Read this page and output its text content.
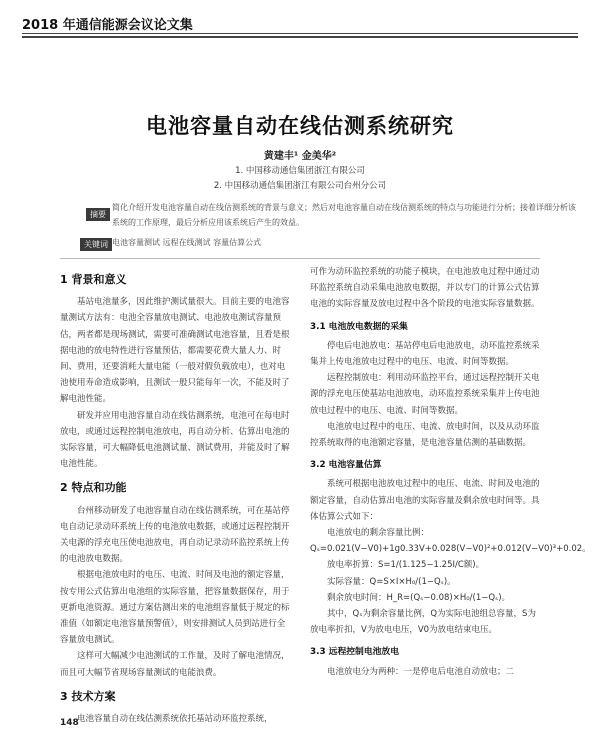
2018 年通信能源会议论文集
电池容量自动在线估测系统研究
黄建丰¹ 金美华²
1. 中国移动通信集团浙江有限公司
2. 中国移动通信集团浙江有限公司台州分公司
摘要
简化介绍开发电池容量自动在线估测系统的背景与意义；然后对电池容量自动在线估测系统的特点与功能进行分析；接着详细分析该系统的工作原理，最后分析应用该系统后产生的效益。
关键词 电池容量测试 远程在线测试 容量估算公式

1 背景和意义

基站电池量多，因此维护测试量很大。目前主要的电池容量测试方法有：电池全容量放电测试、电池放电测试容量预估，两者都是现场测试，需要可准确测试电池容量，且看是根据电池的放电特性进行容量预估，都需要花费大量人力、时间、费用，还要消耗大量电能（一般对假负载放电），也对电池使用寿命造成影响，且测试一般只能每年一次，不能及时了解电池性能。

研发并应用电池容量自动在线估测系统，电池可在每电时放电，或通过远程控制电池放电，再自动分析、估算出电池的实际容量，可大幅降低电池测试量、测试费用，并能及时了解电池性能。

2 特点和功能

台州移动研发了电池容量自动在线估测系统，可在基站停电自动记录动环系统上传的电池放电数据，或通过远程控制开关电源的浮充电压使电池放电，再自动记录动环监控系统上传的电池放电数据。

根据电池放电时的电压、电流、时间及电池的额定容量，按专用公式估算出电池组的实际容量，把容量数据保存，用于更新电池资源。通过方案估测出来的电池组容量低于规定的标准值（如额定电池容量预警值），则安排测试人员到站进行全容量放电测试。

这样可大幅减少电池测试的工作量，及时了解电池情况，而且可大幅节省现场容量测试的电能浪费。

3 技术方案

电池容量自动在线估测系统依托基站动环监控系统，

可作为动环监控系统的功能子模块，在电池放电过程中通过动环监控系统自动采集电池放电数据，并以专门的计算公式估算电池的实际容量及放电过程中各个阶段的电池实际容量数据。

3.1 电池放电数据的采集

停电后电池放电：基站停电后电池放电，动环监控系统采集并上传电池放电过程中的电压、电流、时间等数据。

远程控制放电：利用动环监控平台，通过远程控制开关电源的浮充电压使基站电池放电，动环监控系统采集并上传电池放电过程中的电压、电流、时间等数据。

电池放电过程中的电压、电流、放电时间，以及从动环监控系统取得的电池额定容量，是电池容量估测的基础数据。

3.2 电池容量估算

系统可根据电池放电过程中的电压、电流、时间及电池的额定容量，自动估算出电池的实际容量及剩余放电时间等。具体估算公式如下：

电池放电的剩余容量比例：Qₛ=0.021(V−V0)+1g0.33V+0.028(V−V0)²+0.012(V−V0)³+0.02。

放电率折算：S=1/(1.125−1.25I/C额)。

实际容量：Q=S×I×H₀/(1−Qₛ)。

剩余放电时间：H_R=(Qₛ−0.08)×H₀/(1−Qₛ)。

其中，Qₛ为剩余容量比例，Q为实际电池组总容量，S为放电率折扣，V为放电电压，V0为放电结束电压。

3.3 远程控制电池放电

电池放电分为两种：一是停电后电池自动放电；二

148
